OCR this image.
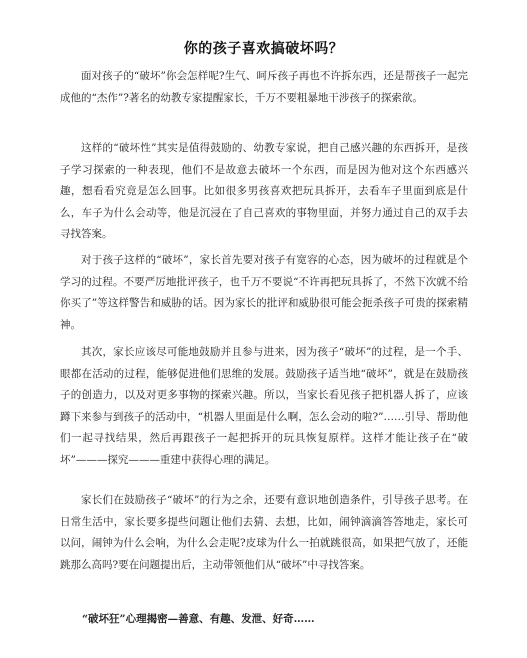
你的孩子喜欢搞破坏吗？
面对孩子的“破坏”你会怎样呢?生气、呵斥孩子再也不许拆东西，还是帮孩子一起完成他的“杰作”?著名的幼教专家提醒家长，千万不要粗暴地干涉孩子的探索欲。
这样的“破坏性”其实是值得鼓励的、幼教专家说，把自己感兴趣的东西拆开，是孩子学习探索的一种表现，他们不是故意去破坏一个东西，而是因为他对这个东西感兴趣，想看看究竟是怎么回事。比如很多男孩喜欢把玩具拆开，去看车子里面到底是什么，车子为什么会动等，他是沉浸在了自己喜欢的事物里面，并努力通过自己的双手去寻找答案。
对于孩子这样的“破坏”，家长首先要对孩子有宽容的心态，因为破坏的过程就是个学习的过程。不要严厉地批评孩子，也千万不要说“不许再把玩具拆了，不然下次就不给你买了”等这样警告和威胁的话。因为家长的批评和威胁很可能会扼杀孩子可贵的探索精神。
其次，家长应该尽可能地鼓励并且参与进来，因为孩子“破坏”的过程，是一个手、眼都在活动的过程，能够促进他们思维的发展。鼓励孩子适当地“破坏”，就是在鼓励孩子的创造力，以及对更多事物的探索兴趣。所以，当家长看见孩子把机器人拆了，应该蹲下来参与到孩子的活动中，“机器人里面是什么啊，怎么会动的啦?”……引导、帮助他们一起寻找结果，然后再跟孩子一起把拆开的玩具恢复原样。这样才能让孩子在“破坏”———探究———重建中获得心理的满足。
家长们在鼓励孩子“破坏”的行为之余，还要有意识地创造条件，引导孩子思考。在日常生活中，家长要多提些问题让他们去猜、去想，比如，闹钟滴滴答答地走，家长可以问，闹钟为什么会响，为什么会走呢?皮球为什么一拍就跳很高，如果把气放了，还能跳那么高吗?要在问题提出后，主动带领他们从“破坏”中寻找答案。
“破坏狂”心理揭密—善意、有趣、发泄、好奇……
